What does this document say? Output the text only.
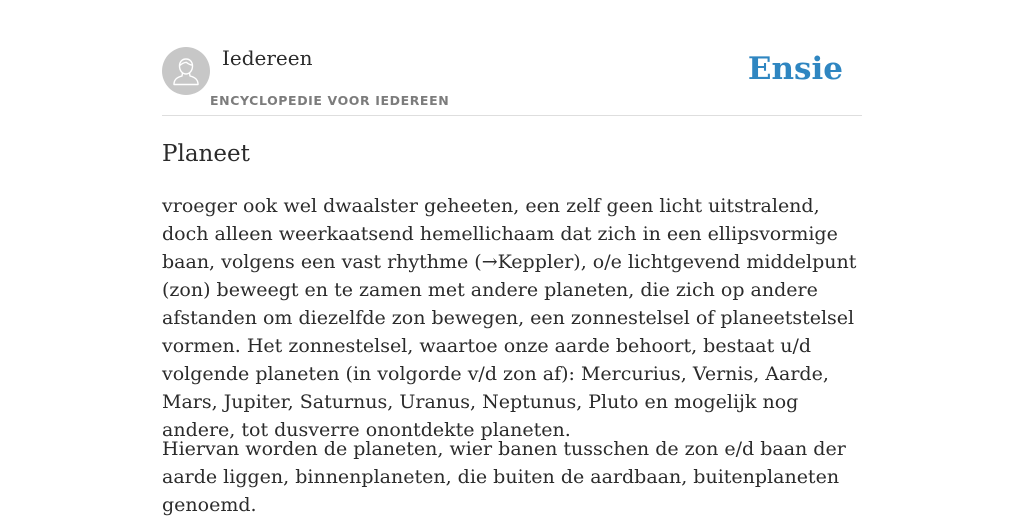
Iedereen
ENCYCLOPEDIE VOOR IEDEREEN
Ensie
Planeet

vroeger ook wel dwaalster geheeten, een zelf geen licht uitstralend, doch alleen weerkaatsend hemellichaam dat zich in een ellipsvormige baan, volgens een vast rhythme (→Keppler), o/e lichtgevend middelpunt (zon) beweegt en te zamen met andere planeten, die zich op andere afstanden om diezelfde zon bewegen, een zonnestelsel of planeetstelsel vormen. Het zonnestelsel, waartoe onze aarde behoort, bestaat u/d volgende planeten (in volgorde v/d zon af): Mercurius, Vernis, Aarde, Mars, Jupiter, Saturnus, Uranus, Neptunus, Pluto en mogelijk nog andere, tot dusverre onontdekte planeten.

Hiervan worden de planeten, wier banen tusschen de zon e/d baan der aarde liggen, binnenplaneten, die buiten de aardbaan, buitenplaneten genoemd.
